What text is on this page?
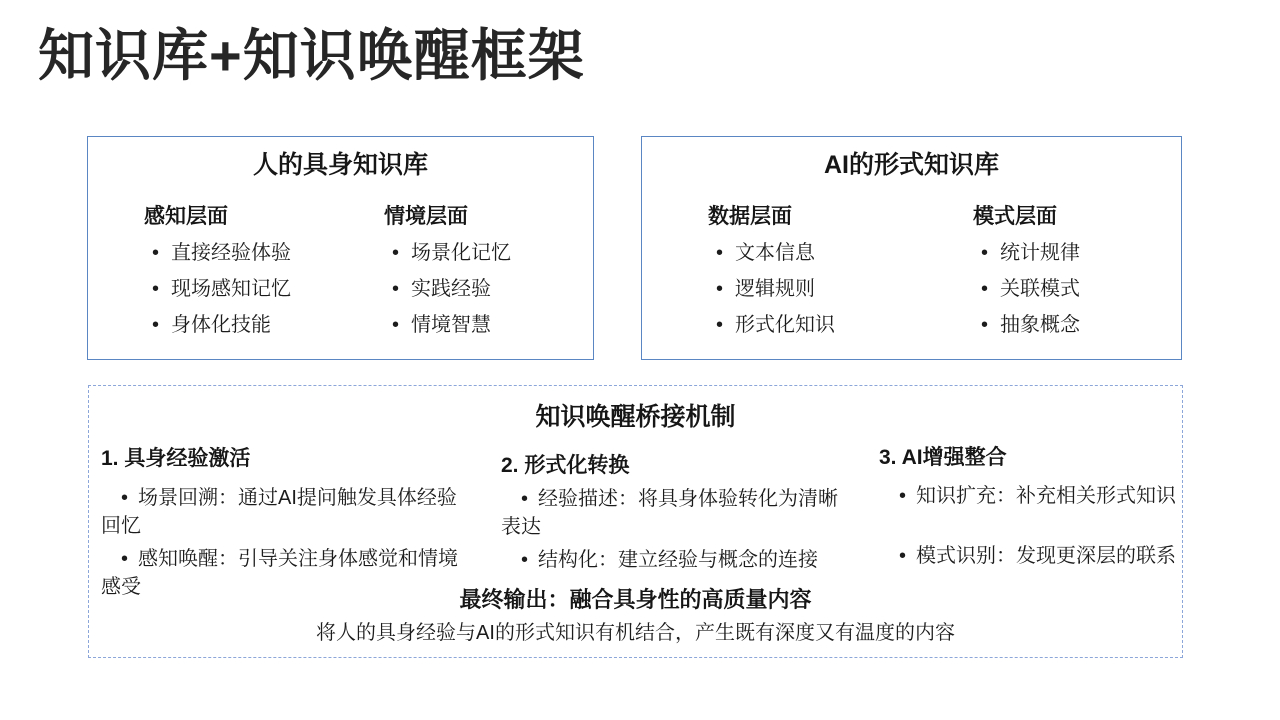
知识库+知识唤醒框架
人的具身知识库
感知层面
• 直接经验体验
• 现场感知记忆
• 身体化技能
情境层面
• 场景化记忆
• 实践经验
• 情境智慧
AI的形式知识库
数据层面
• 文本信息
• 逻辑规则
• 形式化知识
模式层面
• 统计规律
• 关联模式
• 抽象概念
知识唤醒桥接机制
1. 具身经验激活

• 场景回溯：通过AI提问触发具体经验回忆

• 感知唤醒：引导关注身体感觉和情境感受

2. 形式化转换

• 经验描述：将具身体验转化为清晰表达

• 结构化：建立经验与概念的连接

3. AI增强整合

• 知识扩充：补充相关形式知识

• 模式识别：发现更深层的联系

最终输出：融合具身性的高质量内容
将人的具身经验与AI的形式知识有机结合，产生既有深度又有温度的内容
